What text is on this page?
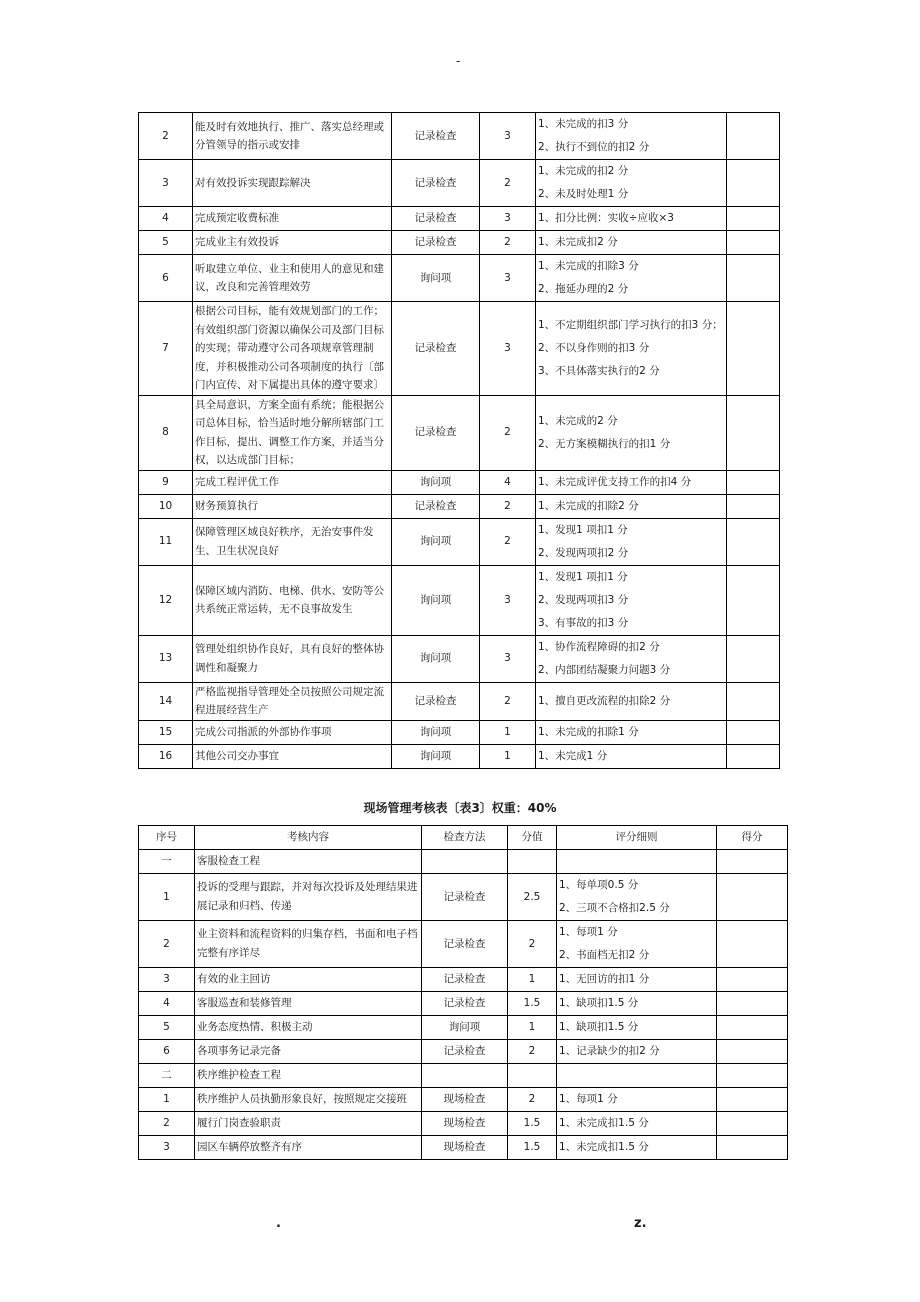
-
2	能及时有效地执行、推广、落实总经理或分管领导的指示或安排	记录检查	3	1、未完成的扣3 分
2、执行不到位的扣2 分	

3	对有效投诉实现跟踪解决	记录检查	2	1、未完成的扣2 分
2、未及时处理1 分	

4	完成预定收费标准	记录检查	3	1、扣分比例：实收÷应收×3	

5	完成业主有效投诉	记录检查	2	1、未完成扣2 分	

6	听取建立单位、业主和使用人的意见和建议，改良和完善管理效劳	询问项	3	1、未完成的扣除3 分
2、拖延办理的2 分	

7	根据公司目标，能有效规划部门的工作；有效组织部门资源以确保公司及部门目标的实现；带动遵守公司各项规章管理制度，并积极推动公司各项制度的执行〔部门内宣传、对下属提出具体的遵守要求〕	记录检查	3	1、不定期组织部门学习执行的扣3 分；
2、不以身作则的扣3 分
3、不具体落实执行的2 分	

8	具全局意识，方案全面有系统；能根据公司总体目标，恰当适时地分解所辖部门工作目标，提出、调整工作方案，并适当分权，以达成部门目标；	记录检查	2	1、未完成的2 分
2、无方案模糊执行的扣1 分	

9	完成工程评优工作	询问项	4	1、未完成评优支持工作的扣4 分	

10	财务预算执行	记录检查	2	1、未完成的扣除2 分	

11	保障管理区域良好秩序，无治安事件发生、卫生状况良好	询问项	2	1、发现1 项扣1 分
2、发现两项扣2 分	

12	保障区域内消防、电梯、供水、安防等公共系统正常运转，无不良事故发生	询问项	3	1、发现1 项扣1 分
2、发现两项扣3 分
3、有事故的扣3 分	

13	管理处组织协作良好，具有良好的整体协调性和凝聚力	询问项	3	1、协作流程障碍的扣2 分
2、内部团结凝聚力问题3 分	

14	严格监视指导管理处全员按照公司规定流程进展经营生产	记录检查	2	1、擅自更改流程的扣除2 分	

15	完成公司指派的外部协作事项	询问项	1	1、未完成的扣除1 分	

16	其他公司交办事宜	询问项	1	1、未完成1 分	

现场管理考核表〔表3〕权重：40%
序号	考核内容	检查方法	分值	评分细则	得分
一	客服检查工程				
1	投诉的受理与跟踪，并对每次投诉及处理结果进展记录和归档、传递	记录检查	2.5	1、每单项0.5 分
2、三项不合格扣2.5 分	

2	业主资料和流程资料的归集存档，书面和电子档完整有序详尽	记录检查	2	1、每项1 分
2、书面档无扣2 分	

3	有效的业主回访	记录检查	1	1、无回访的扣1 分	

4	客服巡查和装修管理	记录检查	1.5	1、缺项扣1.5 分	

5	业务态度热情、积极主动	询问项	1	1、缺项扣1.5 分	

6	各项事务记录完备	记录检查	2	1、记录缺少的扣2 分	

二	秩序维护检查工程				
1	秩序维护人员执勤形象良好，按照规定交接班	现场检查	2	1、每项1 分	

2	履行门岗查验职责	现场检查	1.5	1、未完成扣1.5 分	

3	园区车辆停放整齐有序	现场检查	1.5	1、未完成扣1.5 分	

.	z.
